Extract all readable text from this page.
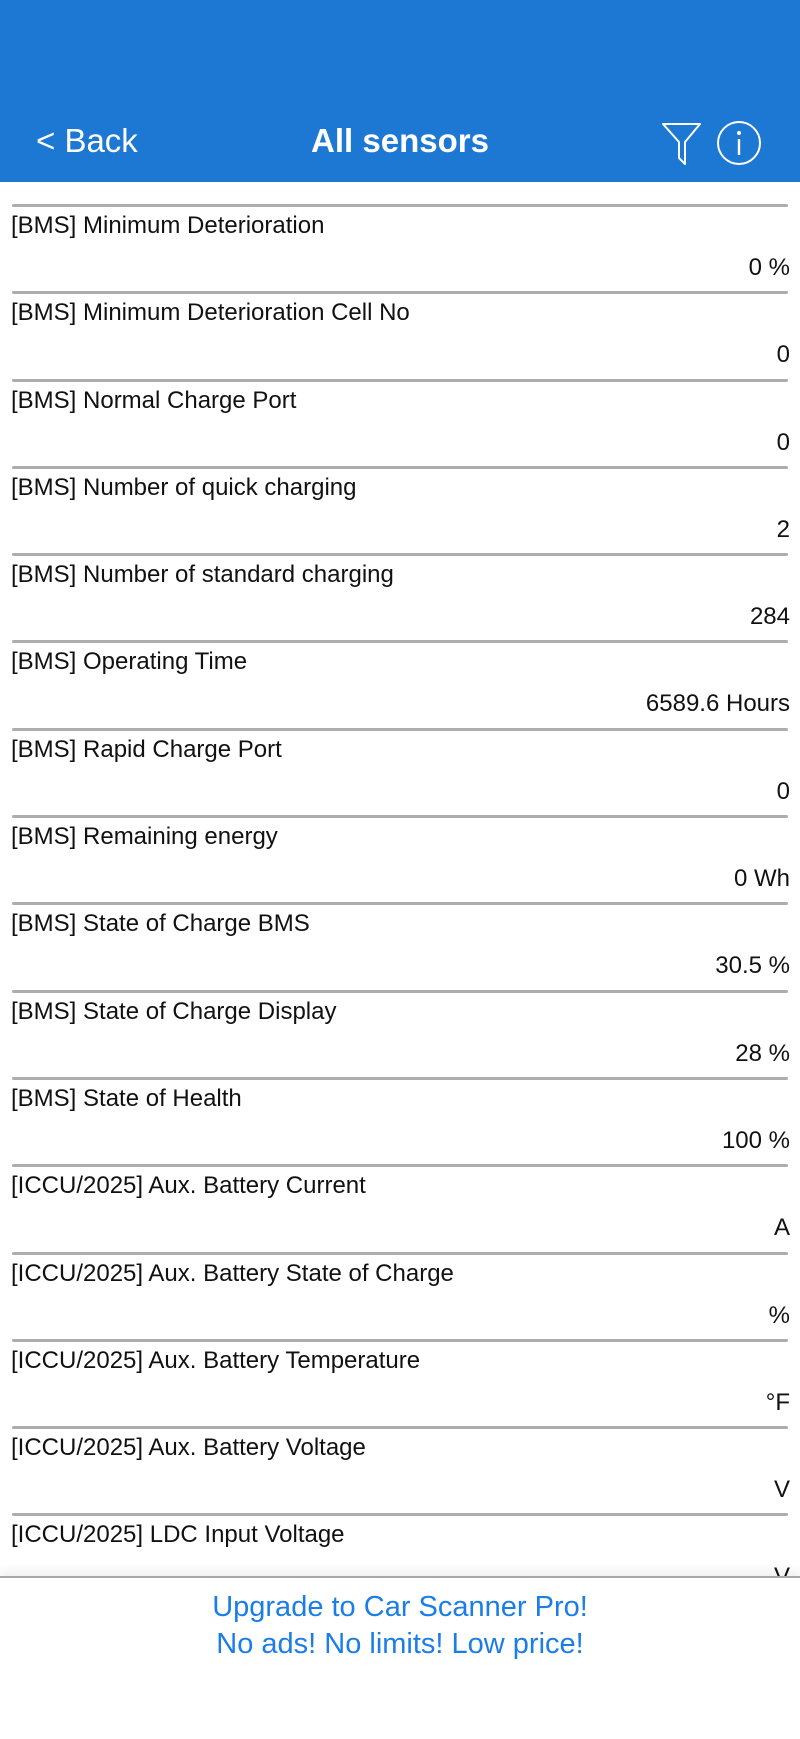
< Back	All sensors
[BMS] Minimum Deterioration
0 %
[BMS] Minimum Deterioration Cell No
0
[BMS] Normal Charge Port
0
[BMS] Number of quick charging
2
[BMS] Number of standard charging
284
[BMS] Operating Time
6589.6 Hours
[BMS] Rapid Charge Port
0
[BMS] Remaining energy
0 Wh
[BMS] State of Charge BMS
30.5 %
[BMS] State of Charge Display
28 %
[BMS] State of Health
100 %
[ICCU/2025] Aux. Battery Current
A
[ICCU/2025] Aux. Battery State of Charge
%
[ICCU/2025] Aux. Battery Temperature
°F
[ICCU/2025] Aux. Battery Voltage
V
[ICCU/2025] LDC Input Voltage
Upgrade to Car Scanner Pro!
No ads! No limits! Low price!
